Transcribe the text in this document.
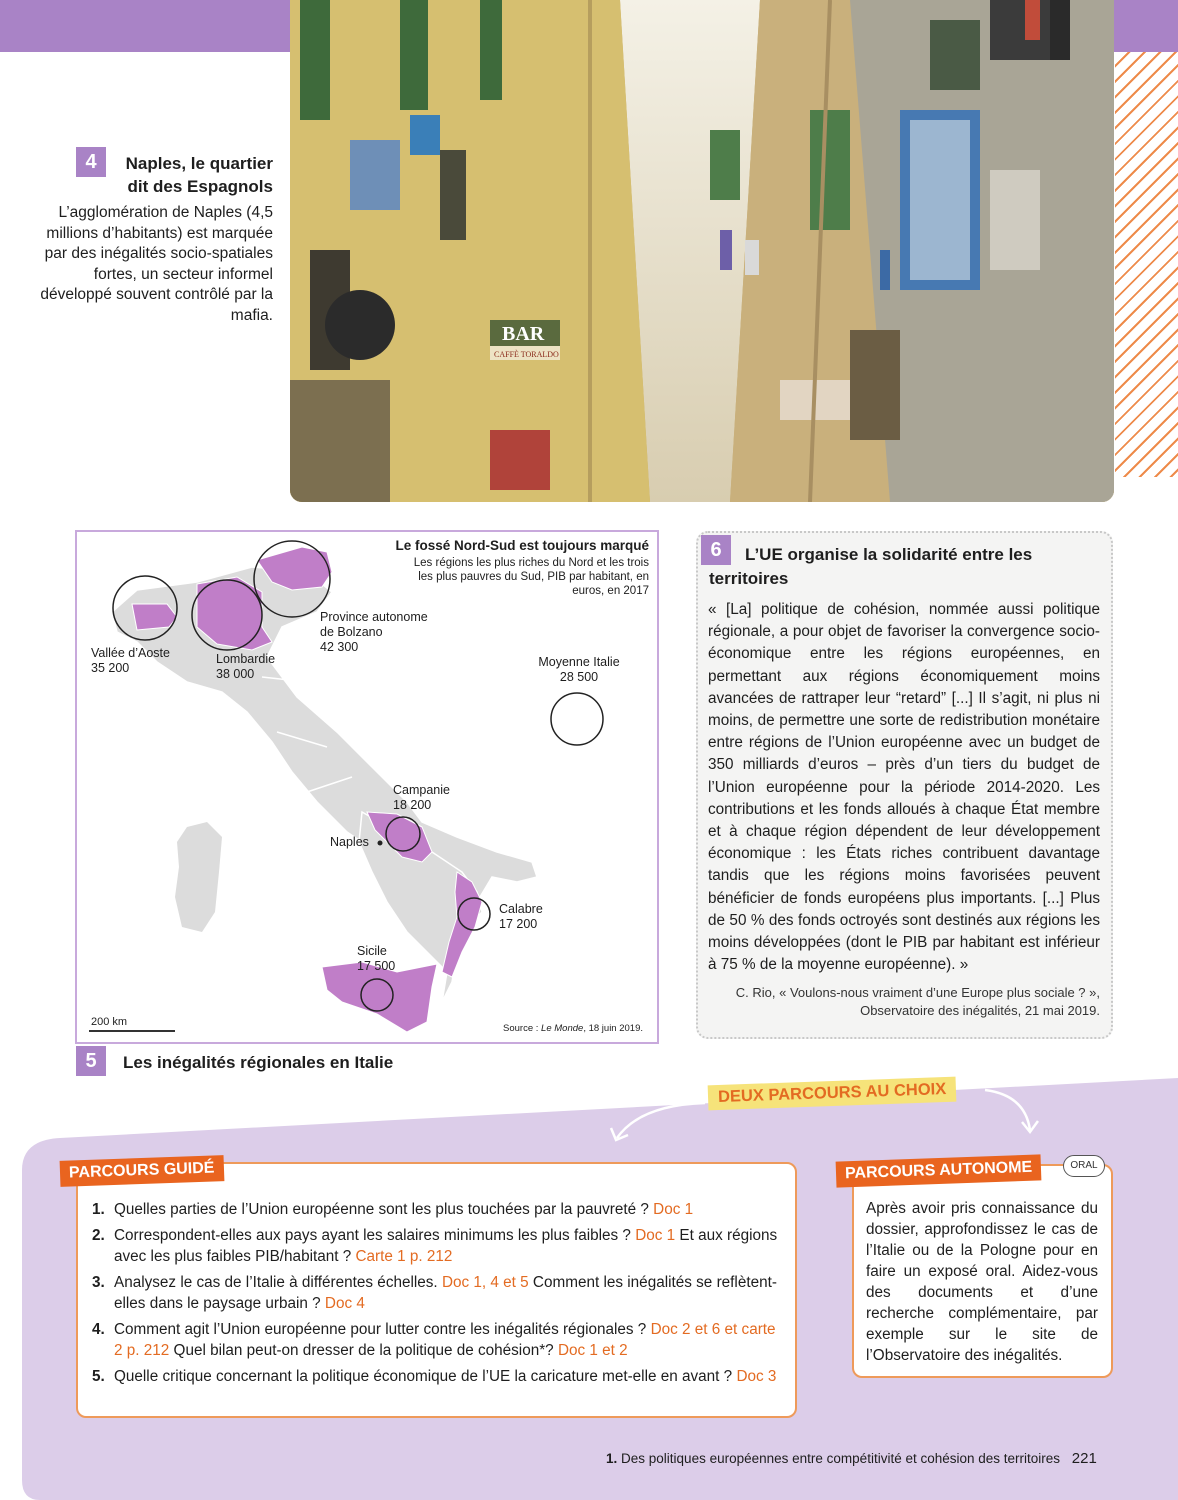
BAR
CAFFÈ TORALDO
4	Naples, le quartier dit des Espagnols
L’agglomération de Naples (4,5 millions d’habitants) est marquée par des inégalités socio-spatiales fortes, un secteur informel développé souvent contrôlé par la mafia.
Le fossé Nord-Sud est toujours marqué
Les régions les plus riches du Nord et les trois les plus pauvres du Sud, PIB par habitant, en euros, en 2017
Vallée d’Aoste
35 200
Lombardie
38 000
Province autonome de Bolzano
42 300
Moyenne Italie
28 500
Campanie
18 200
Calabre
17 200
Sicile
17 500
Naples
200 km
Source : Le Monde, 18 juin 2019.
5	Les inégalités régionales en Italie
6	L’UE organise la solidarité entre les territoires
« [La] politique de cohésion, nommée aussi politique régionale, a pour objet de favoriser la convergence socio-économique entre les régions européennes, en permettant aux régions économiquement moins avancées de rattraper leur “retard” [...] Il s’agit, ni plus ni moins, de permettre une sorte de redistribution monétaire entre régions de l’Union européenne avec un budget de 350 milliards d’euros – près d’un tiers du budget de l’Union européenne pour la période 2014-2020. Les contributions et les fonds alloués à chaque État membre et à chaque région dépendent de leur développement économique : les États riches contribuent davantage tandis que les régions moins favorisées peuvent bénéficier de fonds européens plus importants. [...] Plus de 50 % des fonds octroyés sont destinés aux régions les moins développées (dont le PIB par habitant est inférieur à 75 % de la moyenne européenne). »
C. Rio, « Voulons-nous vraiment d’une Europe plus sociale ? », Observatoire des inégalités, 21 mai 2019.
DEUX PARCOURS AU CHOIX
PARCOURS GUIDÉ
1. Quelles parties de l’Union européenne sont les plus touchées par la pauvreté ? Doc 1
2. Correspondent-elles aux pays ayant les salaires minimums les plus faibles ? Doc 1 Et aux régions avec les plus faibles PIB/habitant ? Carte 1 p. 212
3. Analysez le cas de l’Italie à différentes échelles. Doc 1, 4 et 5 Comment les inégalités se reflètent-elles dans le paysage urbain ? Doc 4
4. Comment agit l’Union européenne pour lutter contre les inégalités régionales ? Doc 2 et 6 et carte 2 p. 212 Quel bilan peut-on dresser de la politique de cohésion*? Doc 1 et 2
5. Quelle critique concernant la politique économique de l’UE la caricature met-elle en avant ? Doc 3
PARCOURS AUTONOME	ORAL
Après avoir pris connaissance du dossier, approfondissez le cas de l’Italie ou de la Pologne pour en faire un exposé oral. Aidez-vous des documents et d’une recherche complémentaire, par exemple sur le site de l’Observatoire des inégalités.
1. Des politiques européennes entre compétitivité et cohésion des territoires 221
